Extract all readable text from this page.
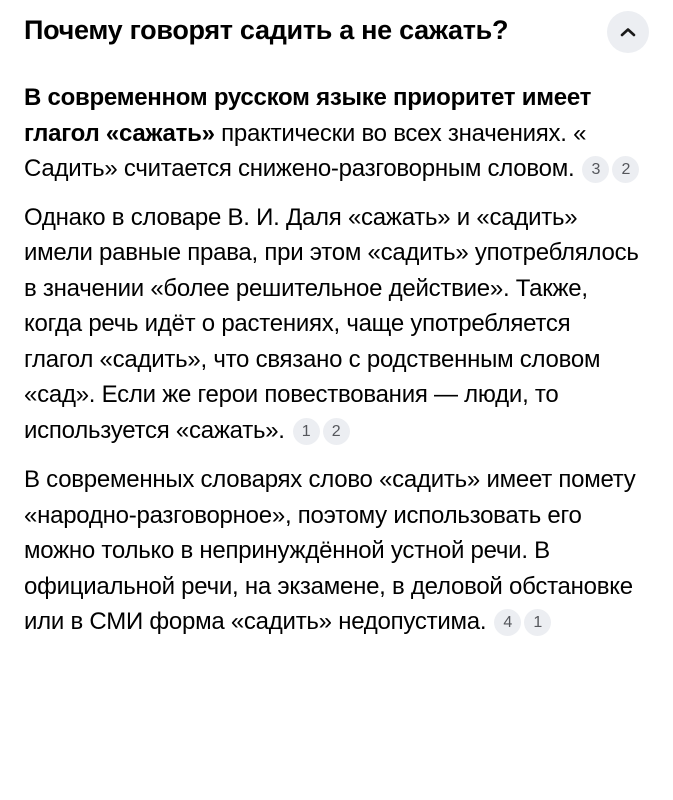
Почему говорят садить а не сажать?

В современном русском языке приоритет имеет глагол «сажать» практически во всех значениях. « Садить» считается снижено-разговорным словом. 3 2

Однако в словаре В. И. Даля «сажать» и «садить» имели равные права, при этом «садить» употреблялось в значении «более решительное действие». Также, когда речь идёт о растениях, чаще употребляется глагол «садить», что связано с родственным словом «сад». Если же герои повествования — люди, то используется «сажать». 1 2

В современных словарях слово «садить» имеет помету «народно-разговорное», поэтому использовать его можно только в непринуждённой устной речи. В официальной речи, на экзамене, в деловой обстановке или в СМИ форма «садить» недопустима. 4 1
